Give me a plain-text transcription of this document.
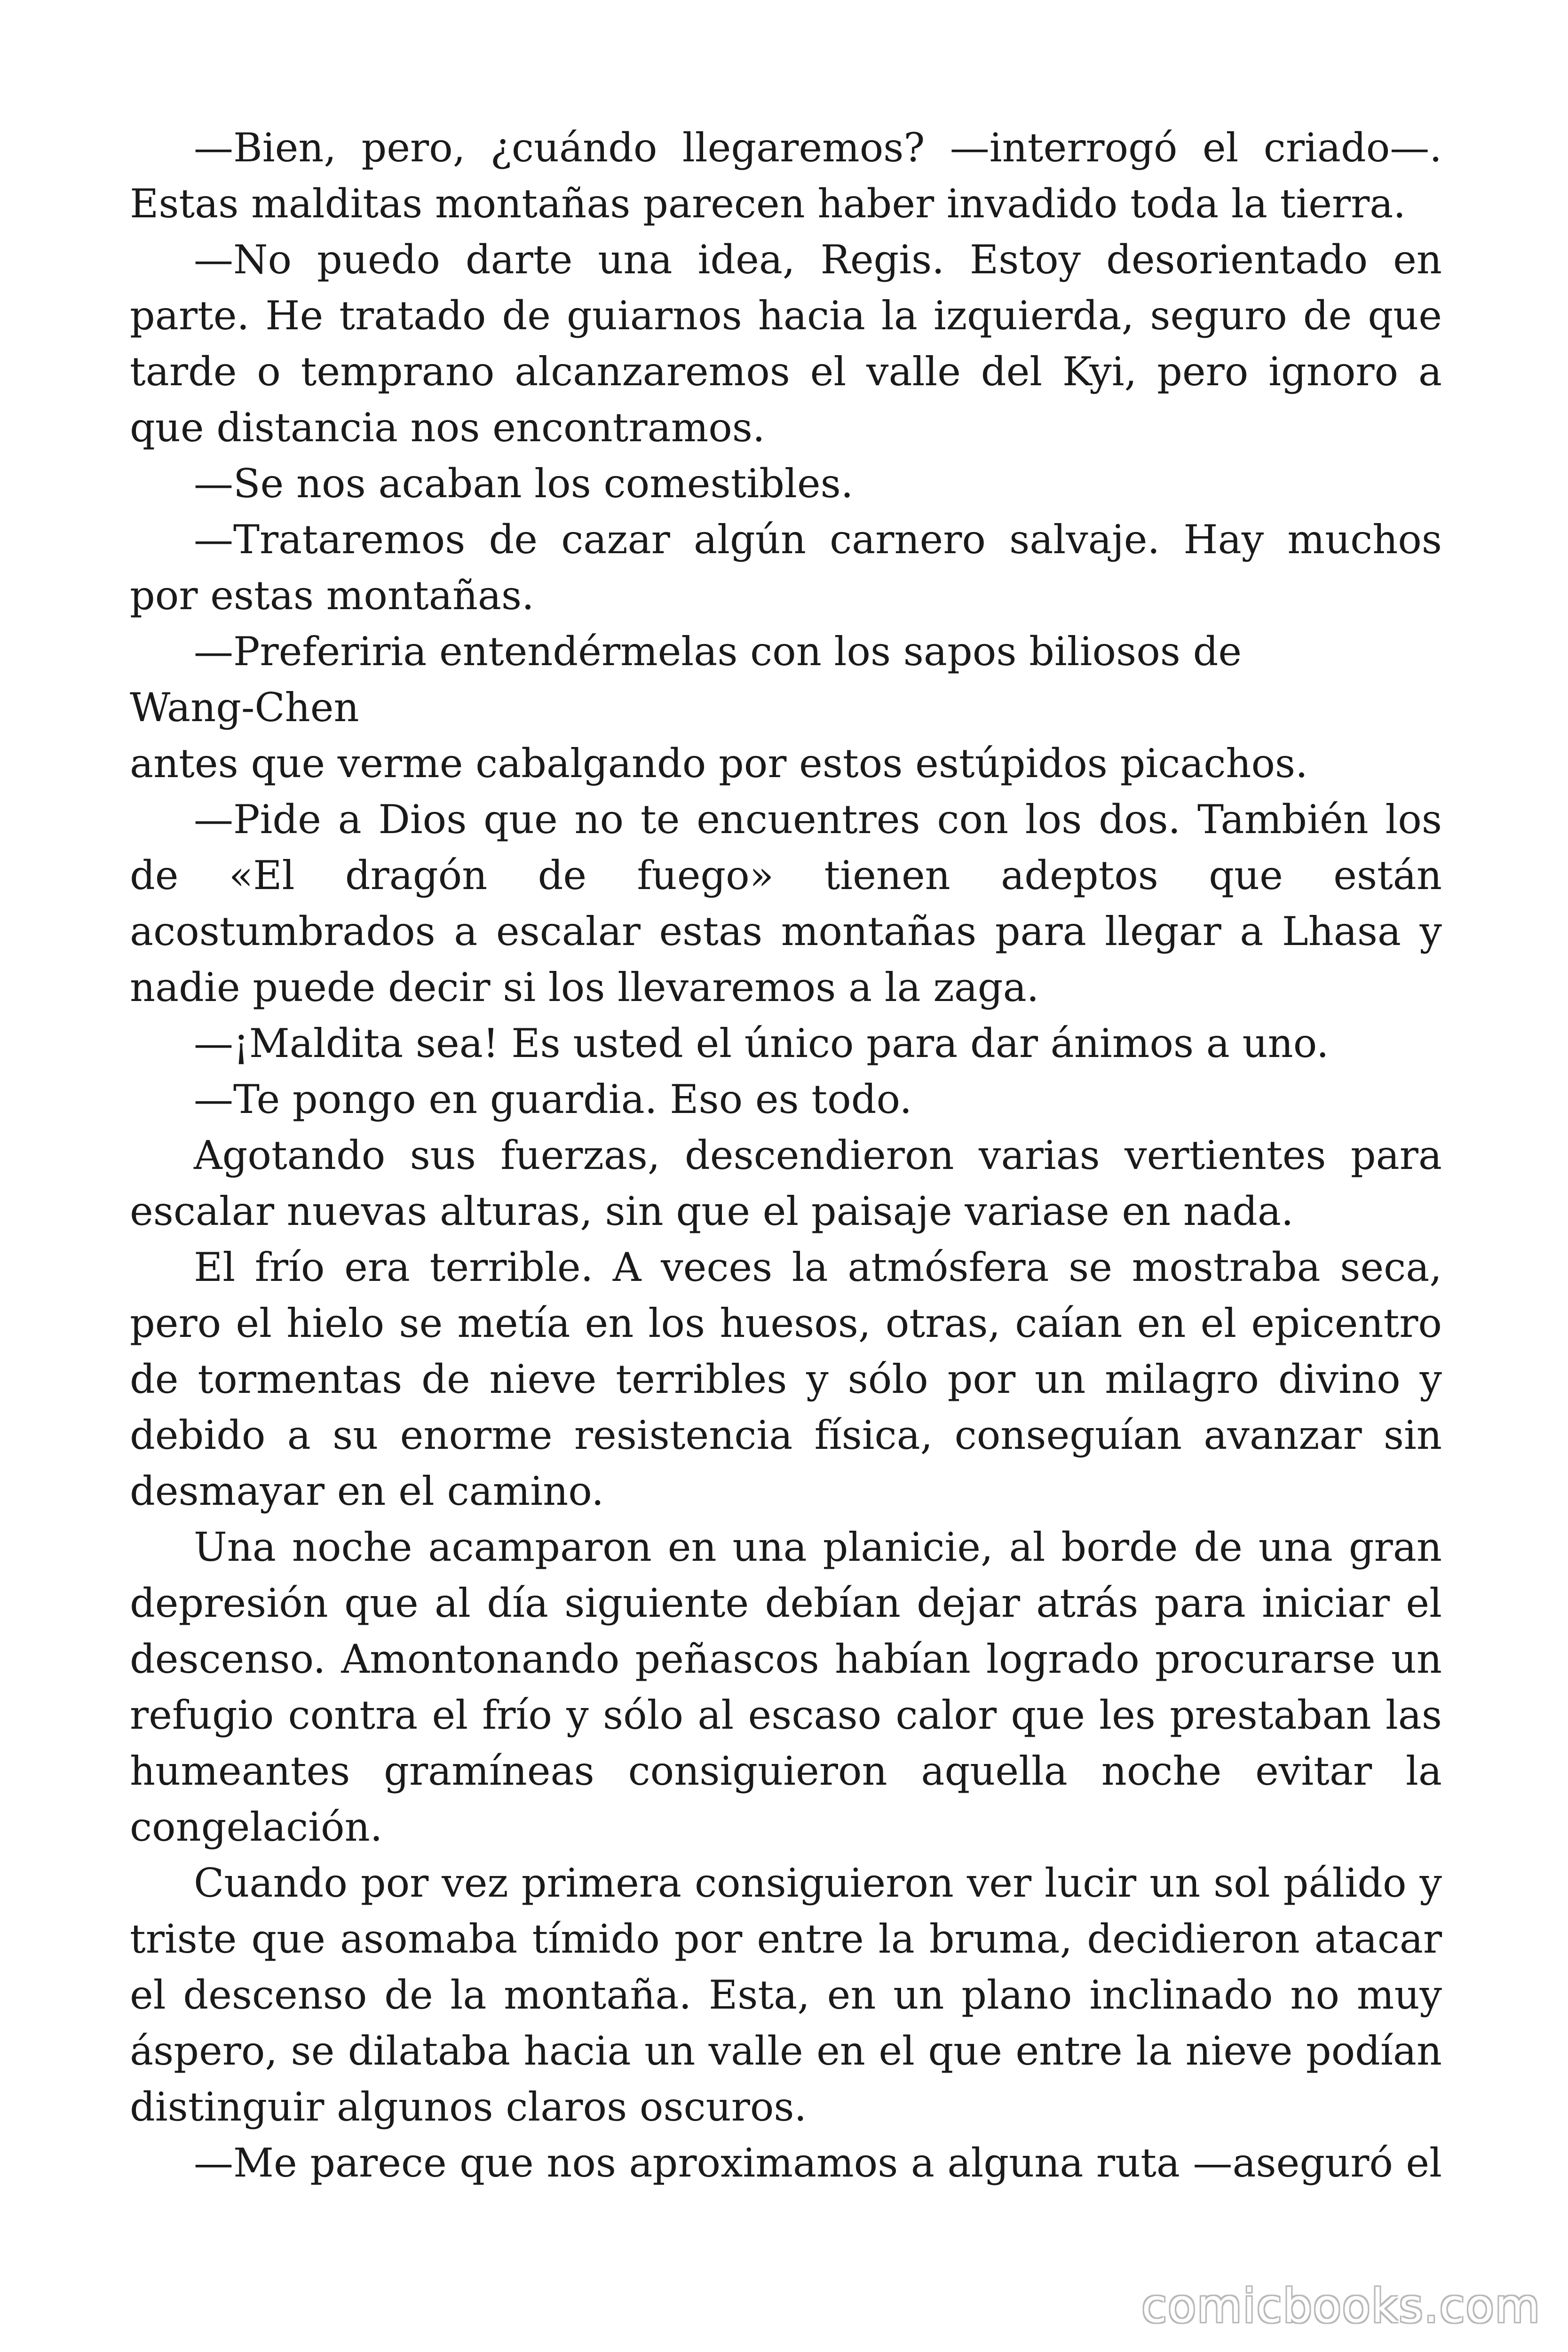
—Bien, pero, ¿cuándo llegaremos? —interrogó el criado—. Estas malditas montañas parecen haber invadido toda la tierra.

—No puedo darte una idea, Regis. Estoy desorientado en parte. He tratado de guiarnos hacia la izquierda, seguro de que tarde o temprano alcanzaremos el valle del Kyi, pero ignoro a que distancia nos encontramos.

—Se nos acaban los comestibles.

—Trataremos de cazar algún carnero salvaje. Hay muchos por estas montañas.

—Preferiria entendérmelas con los sapos biliosos de

Wang-Chen

antes que verme cabalgando por estos estúpidos picachos.

—Pide a Dios que no te encuentres con los dos. También los de «El dragón de fuego» tienen adeptos que están acostumbrados a escalar estas montañas para llegar a Lhasa y nadie puede decir si los llevaremos a la zaga.

—¡Maldita sea! Es usted el único para dar ánimos a uno.

—Te pongo en guardia. Eso es todo.

Agotando sus fuerzas, descendieron varias vertientes para escalar nuevas alturas, sin que el paisaje variase en nada.

El frío era terrible. A veces la atmósfera se mostraba seca, pero el hielo se metía en los huesos, otras, caían en el epicentro de tormentas de nieve terribles y sólo por un milagro divino y debido a su enorme resistencia física, conseguían avanzar sin desmayar en el camino.

Una noche acamparon en una planicie, al borde de una gran depresión que al día siguiente debían dejar atrás para iniciar el descenso. Amontonando peñascos habían logrado procurarse un refugio contra el frío y sólo al escaso calor que les prestaban las humeantes gramíneas consiguieron aquella noche evitar la congelación.

Cuando por vez primera consiguieron ver lucir un sol pálido y triste que asomaba tímido por entre la bruma, decidieron atacar el descenso de la montaña. Esta, en un plano inclinado no muy áspero, se dilataba hacia un valle en el que entre la nieve podían distinguir algunos claros oscuros.

—Me parece que nos aproximamos a alguna ruta —aseguró el

comicbooks.com
